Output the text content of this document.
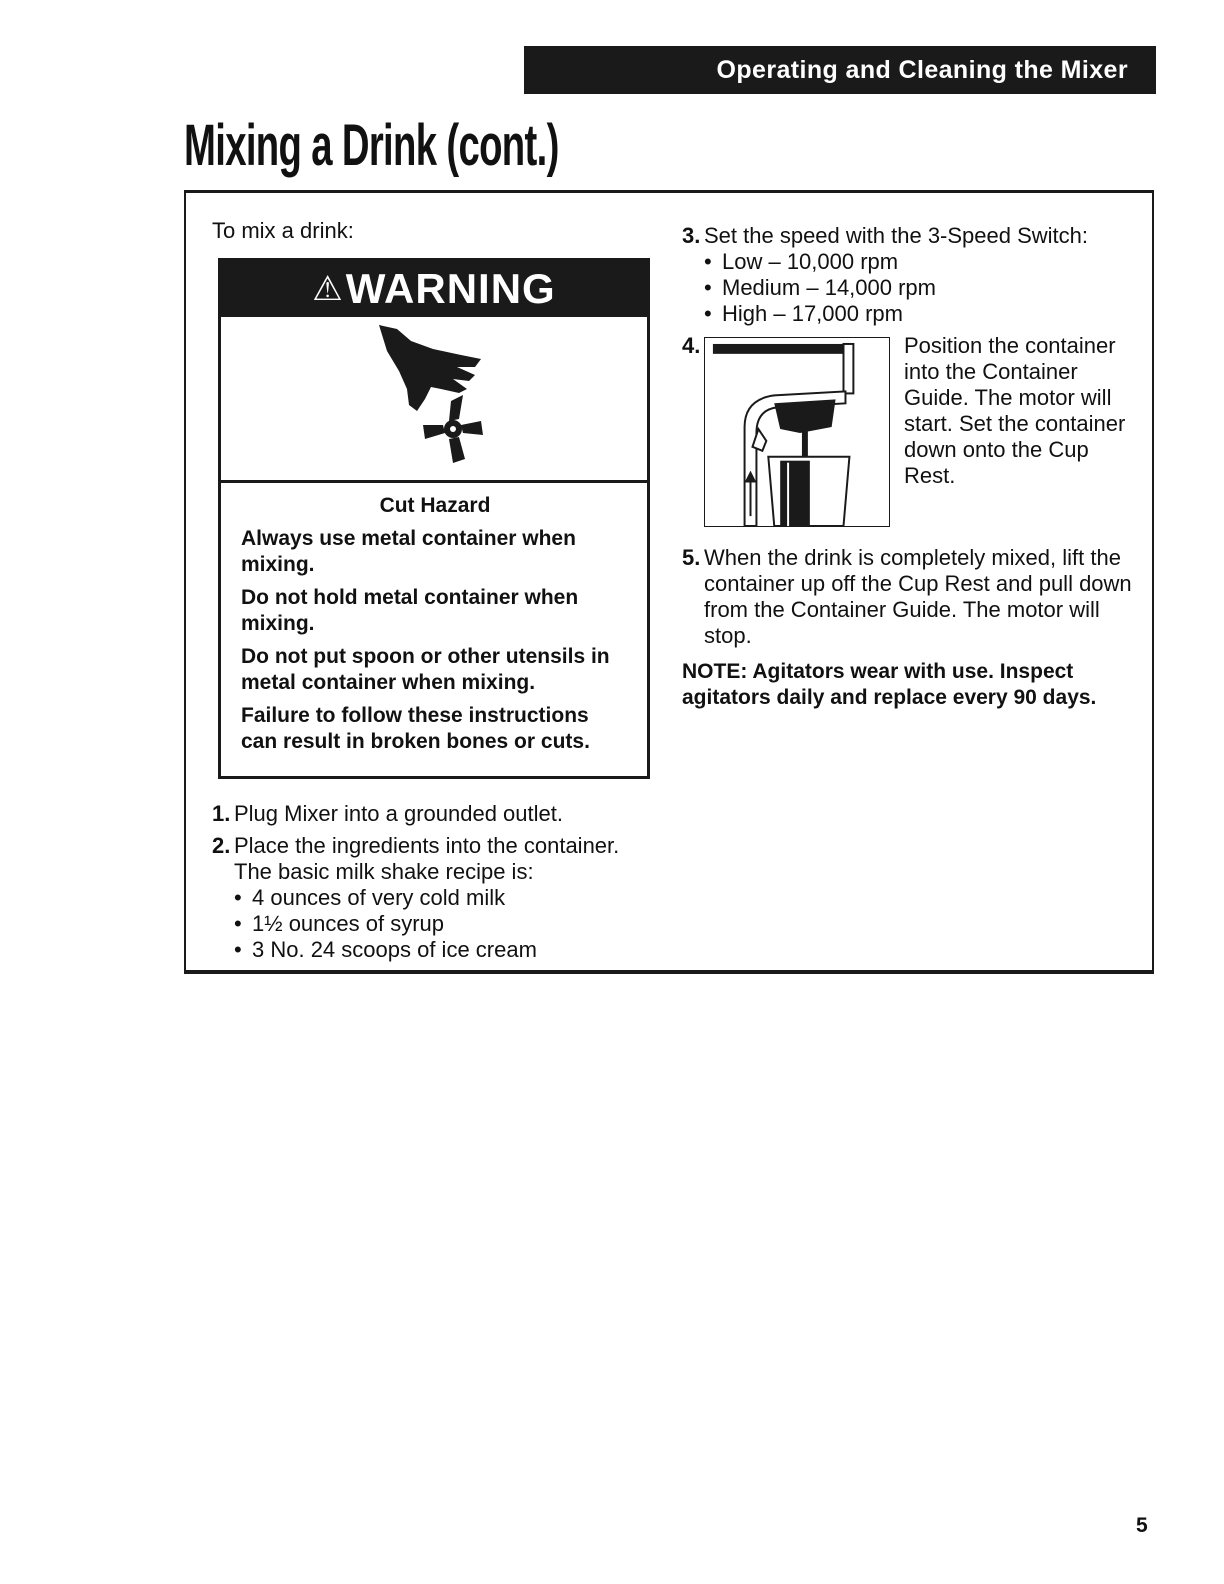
Operating and Cleaning the Mixer
Mixing a Drink (cont.)

To mix a drink:

⚠ WARNING

Cut Hazard

Always use metal container when mixing.

Do not hold metal container when mixing.

Do not put spoon or other utensils in metal container when mixing.

Failure to follow these instructions can result in broken bones or cuts.

1. Plug Mixer into a grounded outlet.
2. Place the ingredients into the container. The basic milk shake recipe is:
• 4 ounces of very cold milk
• 1½ ounces of syrup
• 3 No. 24 scoops of ice cream
3. Set the speed with the 3-Speed Switch:
• Low – 10,000 rpm
• Medium – 14,000 rpm
• High – 17,000 rpm
4.	Position the container into the Container Guide. The motor will start. Set the container down onto the Cup Rest.
5. When the drink is completely mixed, lift the container up off the Cup Rest and pull down from the Container Guide. The motor will stop.

NOTE: Agitators wear with use. Inspect agitators daily and replace every 90 days.

5
